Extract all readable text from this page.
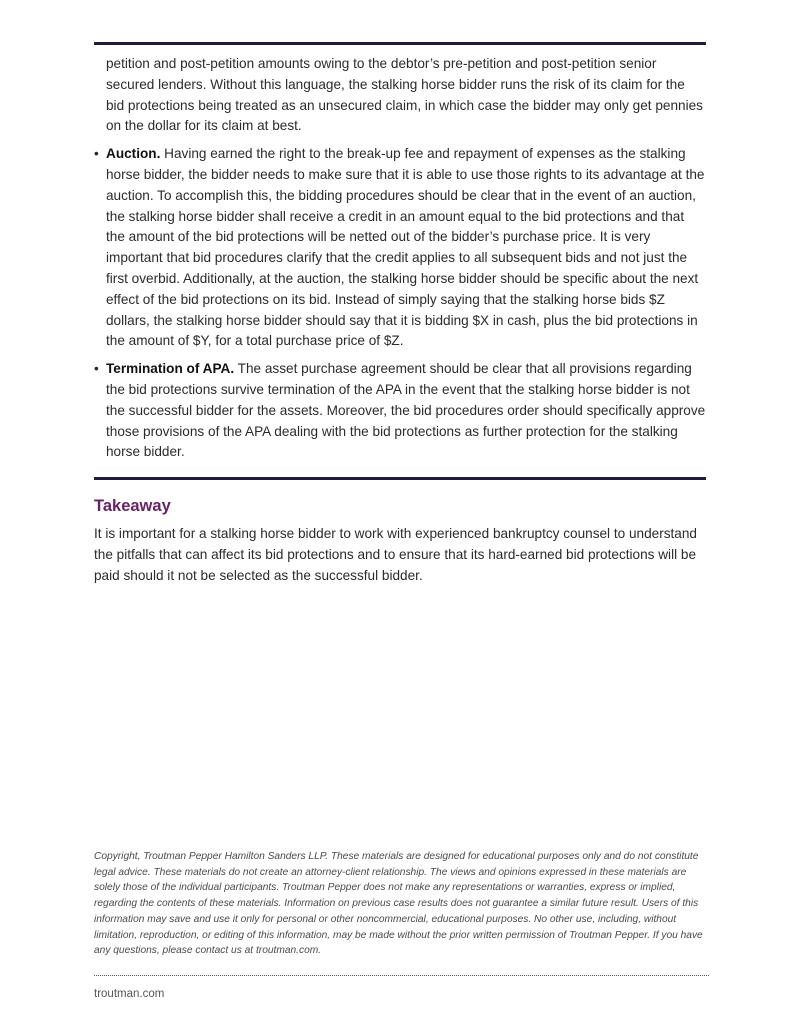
petition and post-petition amounts owing to the debtor’s pre-petition and post-petition senior secured lenders. Without this language, the stalking horse bidder runs the risk of its claim for the bid protections being treated as an unsecured claim, in which case the bidder may only get pennies on the dollar for its claim at best.

• Auction. Having earned the right to the break-up fee and repayment of expenses as the stalking horse bidder, the bidder needs to make sure that it is able to use those rights to its advantage at the auction. To accomplish this, the bidding procedures should be clear that in the event of an auction, the stalking horse bidder shall receive a credit in an amount equal to the bid protections and that the amount of the bid protections will be netted out of the bidder’s purchase price. It is very important that bid procedures clarify that the credit applies to all subsequent bids and not just the first overbid. Additionally, at the auction, the stalking horse bidder should be specific about the next effect of the bid protections on its bid. Instead of simply saying that the stalking horse bids $Z dollars, the stalking horse bidder should say that it is bidding $X in cash, plus the bid protections in the amount of $Y, for a total purchase price of $Z.
• Termination of APA. The asset purchase agreement should be clear that all provisions regarding the bid protections survive termination of the APA in the event that the stalking horse bidder is not the successful bidder for the assets. Moreover, the bid procedures order should specifically approve those provisions of the APA dealing with the bid protections as further protection for the stalking horse bidder.
Takeaway

It is important for a stalking horse bidder to work with experienced bankruptcy counsel to understand the pitfalls that can affect its bid protections and to ensure that its hard-earned bid protections will be paid should it not be selected as the successful bidder.

Copyright, Troutman Pepper Hamilton Sanders LLP. These materials are designed for educational purposes only and do not constitute legal advice. These materials do not create an attorney-client relationship. The views and opinions expressed in these materials are solely those of the individual participants. Troutman Pepper does not make any representations or warranties, express or implied, regarding the contents of these materials. Information on previous case results does not guarantee a similar future result. Users of this information may save and use it only for personal or other noncommercial, educational purposes. No other use, including, without limitation, reproduction, or editing of this information, may be made without the prior written permission of Troutman Pepper. If you have any questions, please contact us at troutman.com.

troutman.com
